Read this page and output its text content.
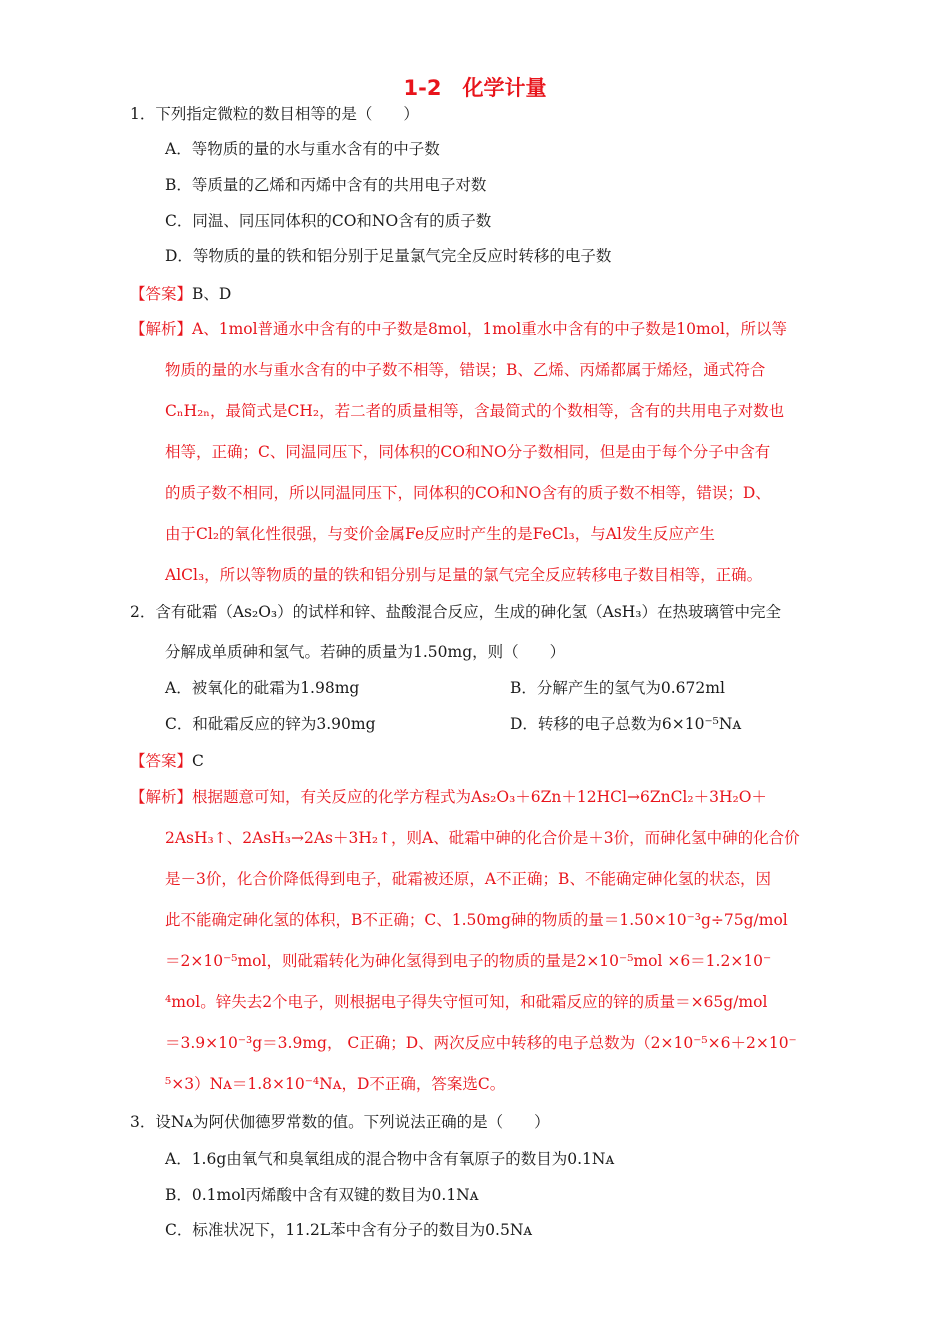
1-2　化学计量
1．下列指定微粒的数目相等的是（　　）
A．等物质的量的水与重水含有的中子数
B．等质量的乙烯和丙烯中含有的共用电子对数
C．同温、同压同体积的CO和NO含有的质子数
D．等物质的量的铁和铝分别于足量氯气完全反应时转移的电子数
【答案】B、D
【解析】A、1mol普通水中含有的中子数是8mol，1mol重水中含有的中子数是10mol，所以等
物质的量的水与重水含有的中子数不相等，错误；B、乙烯、丙烯都属于烯烃，通式符合
CₙH₂ₙ，最简式是CH₂，若二者的质量相等，含最简式的个数相等，含有的共用电子对数也
相等，正确；C、同温同压下，同体积的CO和NO分子数相同，但是由于每个分子中含有
的质子数不相同，所以同温同压下，同体积的CO和NO含有的质子数不相等，错误；D、
由于Cl₂的氧化性很强，与变价金属Fe反应时产生的是FeCl₃，与Al发生反应产生
AlCl₃，所以等物质的量的铁和铝分别与足量的氯气完全反应转移电子数目相等，正确。
2．含有砒霜（As₂O₃）的试样和锌、盐酸混合反应，生成的砷化氢（AsH₃）在热玻璃管中完全
分解成单质砷和氢气。若砷的质量为1.50mg，则（　　）
A．被氧化的砒霜为1.98mg	B．分解产生的氢气为0.672ml
C．和砒霜反应的锌为3.90mg	D．转移的电子总数为6×10⁻⁵Nᴀ
【答案】C
【解析】根据题意可知，有关反应的化学方程式为As₂O₃＋6Zn＋12HCl→6ZnCl₂＋3H₂O＋
2AsH₃↑、2AsH₃→2As＋3H₂↑，则A、砒霜中砷的化合价是＋3价，而砷化氢中砷的化合价
是－3价，化合价降低得到电子，砒霜被还原，A不正确；B、不能确定砷化氢的状态，因
此不能确定砷化氢的体积，B不正确；C、1.50mg砷的物质的量＝1.50×10⁻³g÷75g/mol
＝2×10⁻⁵mol，则砒霜转化为砷化氢得到电子的物质的量是2×10⁻⁵mol ×6＝1.2×10⁻
⁴mol。锌失去2个电子，则根据电子得失守恒可知，和砒霜反应的锌的质量＝×65g/mol
＝3.9×10⁻³g＝3.9mg， C正确；D、两次反应中转移的电子总数为（2×10⁻⁵×6＋2×10⁻
⁵×3）Nᴀ＝1.8×10⁻⁴Nᴀ，D不正确，答案选C。
3．设Nᴀ为阿伏伽德罗常数的值。下列说法正确的是（　　）
A．1.6g由氧气和臭氧组成的混合物中含有氧原子的数目为0.1Nᴀ
B．0.1mol丙烯酸中含有双键的数目为0.1Nᴀ
C．标准状况下，11.2L苯中含有分子的数目为0.5Nᴀ
